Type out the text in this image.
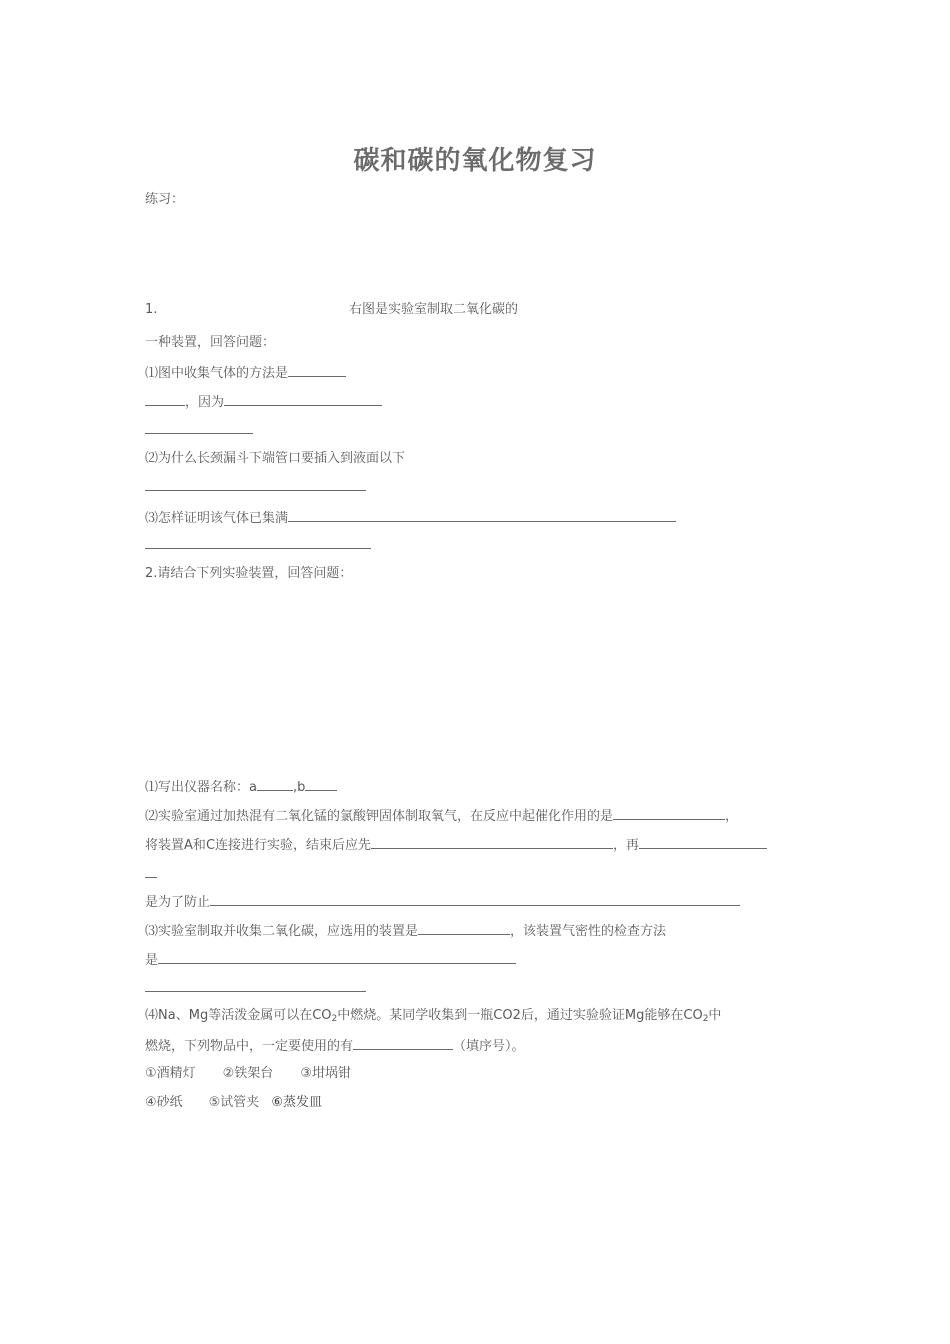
碳和碳的氧化物复习
练习：
1.	右图是实验室制取二氧化碳的
一种装置，回答问题：
⑴图中收集气体的方法是
，因为
⑵为什么长颈漏斗下端管口要插入到液面以下
⑶怎样证明该气体已集满
2.请结合下列实验装置，回答问题：
⑴写出仪器名称：a	,b
⑵实验室通过加热混有二氧化锰的氯酸钾固体制取氧气，在反应中起催化作用的是	，
将装置A和C连接进行实验，结束后应先	，再
是为了防止
⑶实验室制取并收集二氧化碳，应选用的装置是	，该装置气密性的检查方法
是
⑷Na、Mg等活泼金属可以在$CO_2$中燃烧。某同学收集到一瓶CO2后，通过实验验证Mg能够在$CO_2$中
燃烧，下列物品中，一定要使用的有	（填序号）。
①酒精灯 ②铁架台 ③坩埚钳
④砂纸 ⑤试管夹 ⑥蒸发皿
